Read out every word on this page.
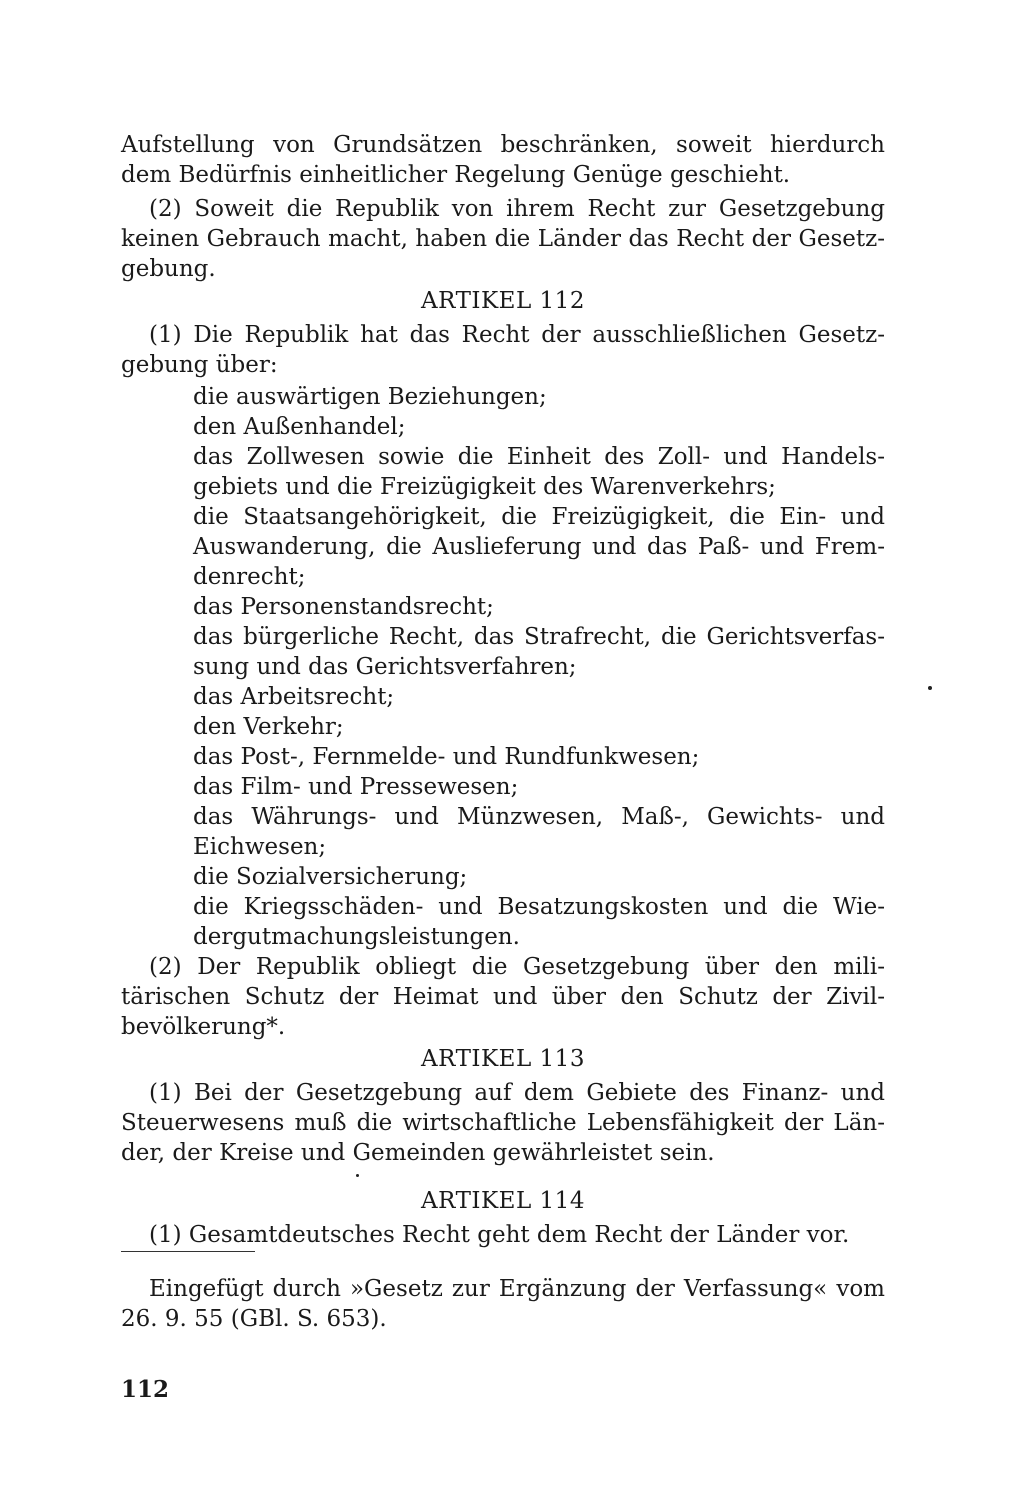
Aufstellung von Grundsätzen beschränken, soweit hierdurch dem Bedürfnis einheitlicher Regelung Genüge geschieht.

(2) Soweit die Republik von ihrem Recht zur Gesetzgebung keinen Gebrauch macht, haben die Länder das Recht der Gesetz-gebung.

ARTIKEL 112

(1) Die Republik hat das Recht der ausschließlichen Gesetz-gebung über:

die auswärtigen Beziehungen;
den Außenhandel;
das Zollwesen sowie die Einheit des Zoll- und Handels-gebiets und die Freizügigkeit des Warenverkehrs;
die Staatsangehörigkeit, die Freizügigkeit, die Ein- und Auswanderung, die Auslieferung und das Paß- und Frem-denrecht;
das Personenstandsrecht;
das bürgerliche Recht, das Strafrecht, die Gerichtsverfas-sung und das Gerichtsverfahren;
das Arbeitsrecht;
den Verkehr;
das Post-, Fernmelde- und Rundfunkwesen;
das Film- und Pressewesen;
das Währungs- und Münzwesen, Maß-, Gewichts- und Eichwesen;
die Sozialversicherung;
die Kriegsschäden- und Besatzungskosten und die Wie-dergutmachungsleistungen.

(2) Der Republik obliegt die Gesetzgebung über den mili-tärischen Schutz der Heimat und über den Schutz der Zivil-bevölkerung*.

ARTIKEL 113

(1) Bei der Gesetzgebung auf dem Gebiete des Finanz- und Steuerwesens muß die wirtschaftliche Lebensfähigkeit der Län-der, der Kreise und Gemeinden gewährleistet sein.

ARTIKEL 114

(1) Gesamtdeutsches Recht geht dem Recht der Länder vor.

Eingefügt durch »Gesetz zur Ergänzung der Verfassung« vom 26. 9. 55 (GBl. S. 653).

112
